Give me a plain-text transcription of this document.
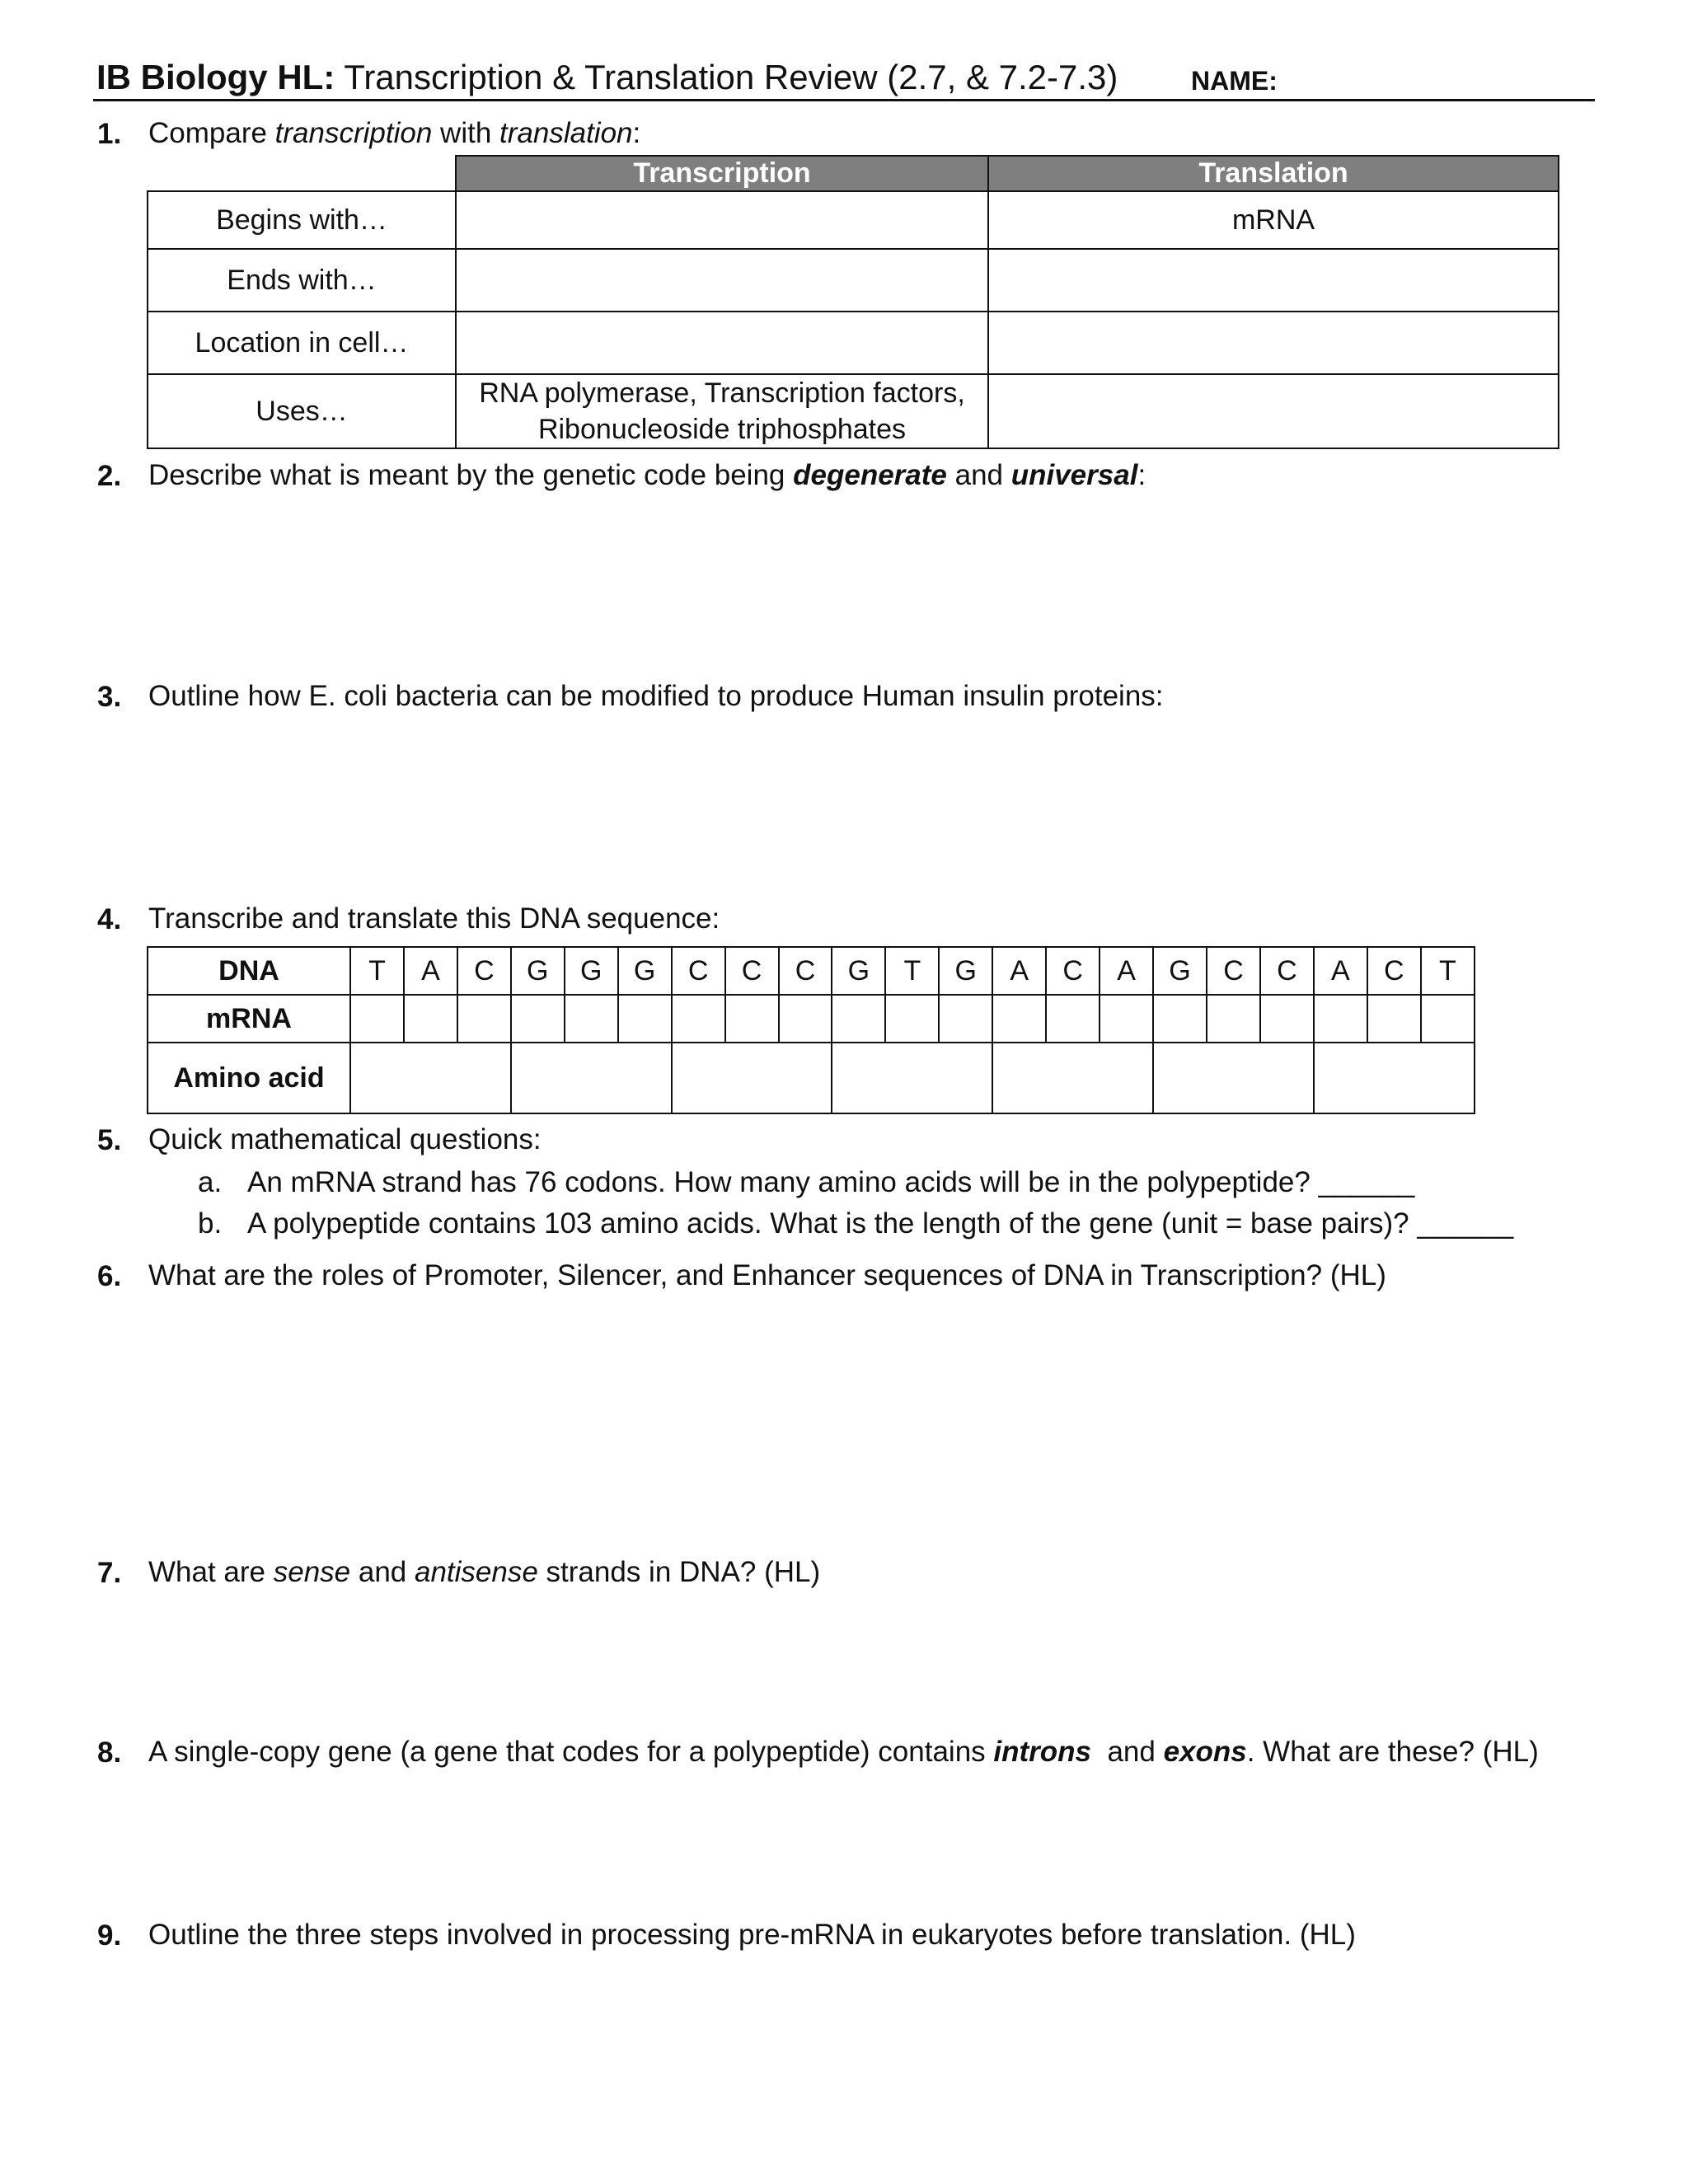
IB Biology HL: Transcription & Translation Review (2.7, & 7.2-7.3)	NAME:
1. Compare transcription with translation:
	Transcription	Translation
Begins with…		mRNA
Ends with…		
Location in cell…		
Uses…	RNA polymerase, Transcription factors,
Ribonucleoside triphosphates	

2. Describe what is meant by the genetic code being degenerate and universal:
3. Outline how E. coli bacteria can be modified to produce Human insulin proteins:
4. Transcribe and translate this DNA sequence:
DNA	T	A	C	G	G	G	C	C	C	G	T	G	A	C	A	G	C	C	A	C	T
mRNA																					
Amino acid																					
5. Quick mathematical questions:
a. An mRNA strand has 76 codons. How many amino acids will be in the polypeptide? ______
b. A polypeptide contains 103 amino acids. What is the length of the gene (unit = base pairs)? ______
6. What are the roles of Promoter, Silencer, and Enhancer sequences of DNA in Transcription? (HL)
7. What are sense and antisense strands in DNA? (HL)
8. A single-copy gene (a gene that codes for a polypeptide) contains introns  and exons. What are these? (HL)
9. Outline the three steps involved in processing pre-mRNA in eukaryotes before translation. (HL)
